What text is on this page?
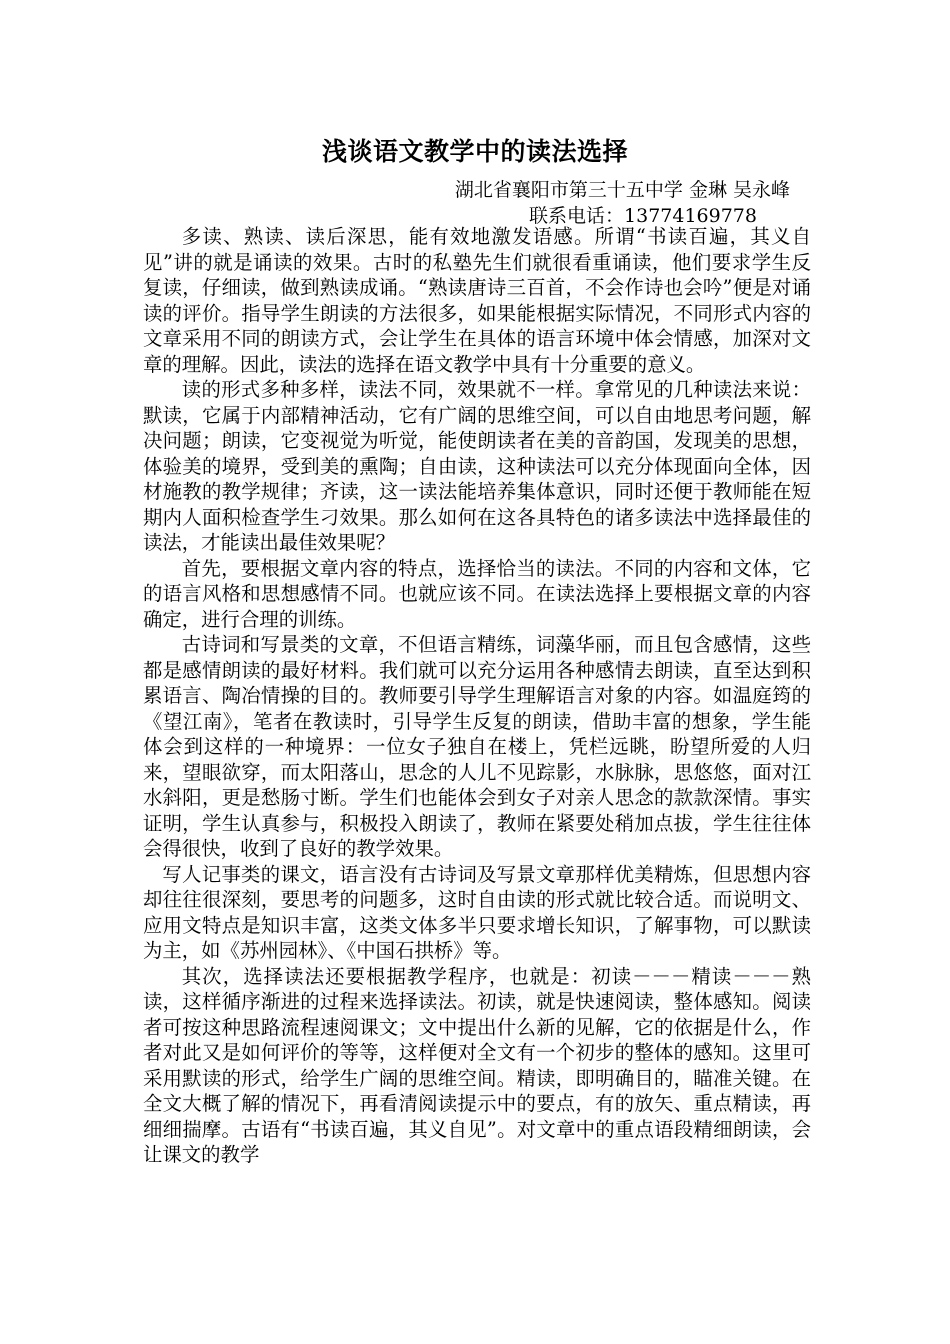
浅谈语文教学中的读法选择
湖北省襄阳市第三十五中学 金琳 吴永峰
联系电话：13774169778

多读、熟读、读后深思，能有效地激发语感。所谓“书读百遍，其义自见”讲的就是诵读的效果。古时的私塾先生们就很看重诵读，他们要求学生反复读，仔细读，做到熟读成诵。“熟读唐诗三百首，不会作诗也会吟”便是对诵读的评价。指导学生朗读的方法很多，如果能根据实际情况，不同形式内容的文章采用不同的朗读方式，会让学生在具体的语言环境中体会情感，加深对文章的理解。因此，读法的选择在语文教学中具有十分重要的意义。

读的形式多种多样，读法不同，效果就不一样。拿常见的几种读法来说：默读，它属于内部精神活动，它有广阔的思维空间，可以自由地思考问题，解决问题；朗读，它变视觉为听觉，能使朗读者在美的音韵国，发现美的思想，体验美的境界，受到美的熏陶；自由读，这种读法可以充分体现面向全体，因材施教的教学规律；齐读，这一读法能培养集体意识，同时还便于教师能在短期内人面积检查学生刁效果。那么如何在这各具特色的诸多读法中选择最佳的读法，才能读出最佳效果呢？

首先，要根据文章内容的特点，选择恰当的读法。不同的内容和文体，它的语言风格和思想感情不同。也就应该不同。在读法选择上要根据文章的内容确定，进行合理的训练。

古诗词和写景类的文章，不但语言精练，词藻华丽，而且包含感情，这些都是感情朗读的最好材料。我们就可以充分运用各种感情去朗读，直至达到积累语言、陶冶情操的目的。教师要引导学生理解语言对象的内容。如温庭筠的《望江南》，笔者在教读时，引导学生反复的朗读，借助丰富的想象，学生能体会到这样的一种境界：一位女子独自在楼上，凭栏远眺，盼望所爱的人归来，望眼欲穿，而太阳落山，思念的人儿不见踪影，水脉脉，思悠悠，面对江水斜阳，更是愁肠寸断。学生们也能体会到女子对亲人思念的款款深情。事实证明，学生认真参与，积极投入朗读了，教师在紧要处稍加点拔，学生往往体会得很快，收到了良好的教学效果。

写人记事类的课文，语言没有古诗词及写景文章那样优美精炼，但思想内容却往往很深刻，要思考的问题多，这时自由读的形式就比较合适。而说明文、应用文特点是知识丰富，这类文体多半只要求增长知识，了解事物，可以默读为主，如《苏州园林》、《中国石拱桥》等。

其次，选择读法还要根据教学程序，也就是：初读－－－精读－－－熟读，这样循序渐进的过程来选择读法。初读，就是快速阅读，整体感知。阅读者可按这种思路流程速阅课文；文中提出什么新的见解，它的依据是什么，作者对此又是如何评价的等等，这样便对全文有一个初步的整体的感知。这里可采用默读的形式，给学生广阔的思维空间。精读，即明确目的，瞄准关键。在全文大概了解的情况下，再看清阅读提示中的要点，有的放矢、重点精读，再细细揣摩。古语有“书读百遍，其义自见”。对文章中的重点语段精细朗读，会让课文的教学
